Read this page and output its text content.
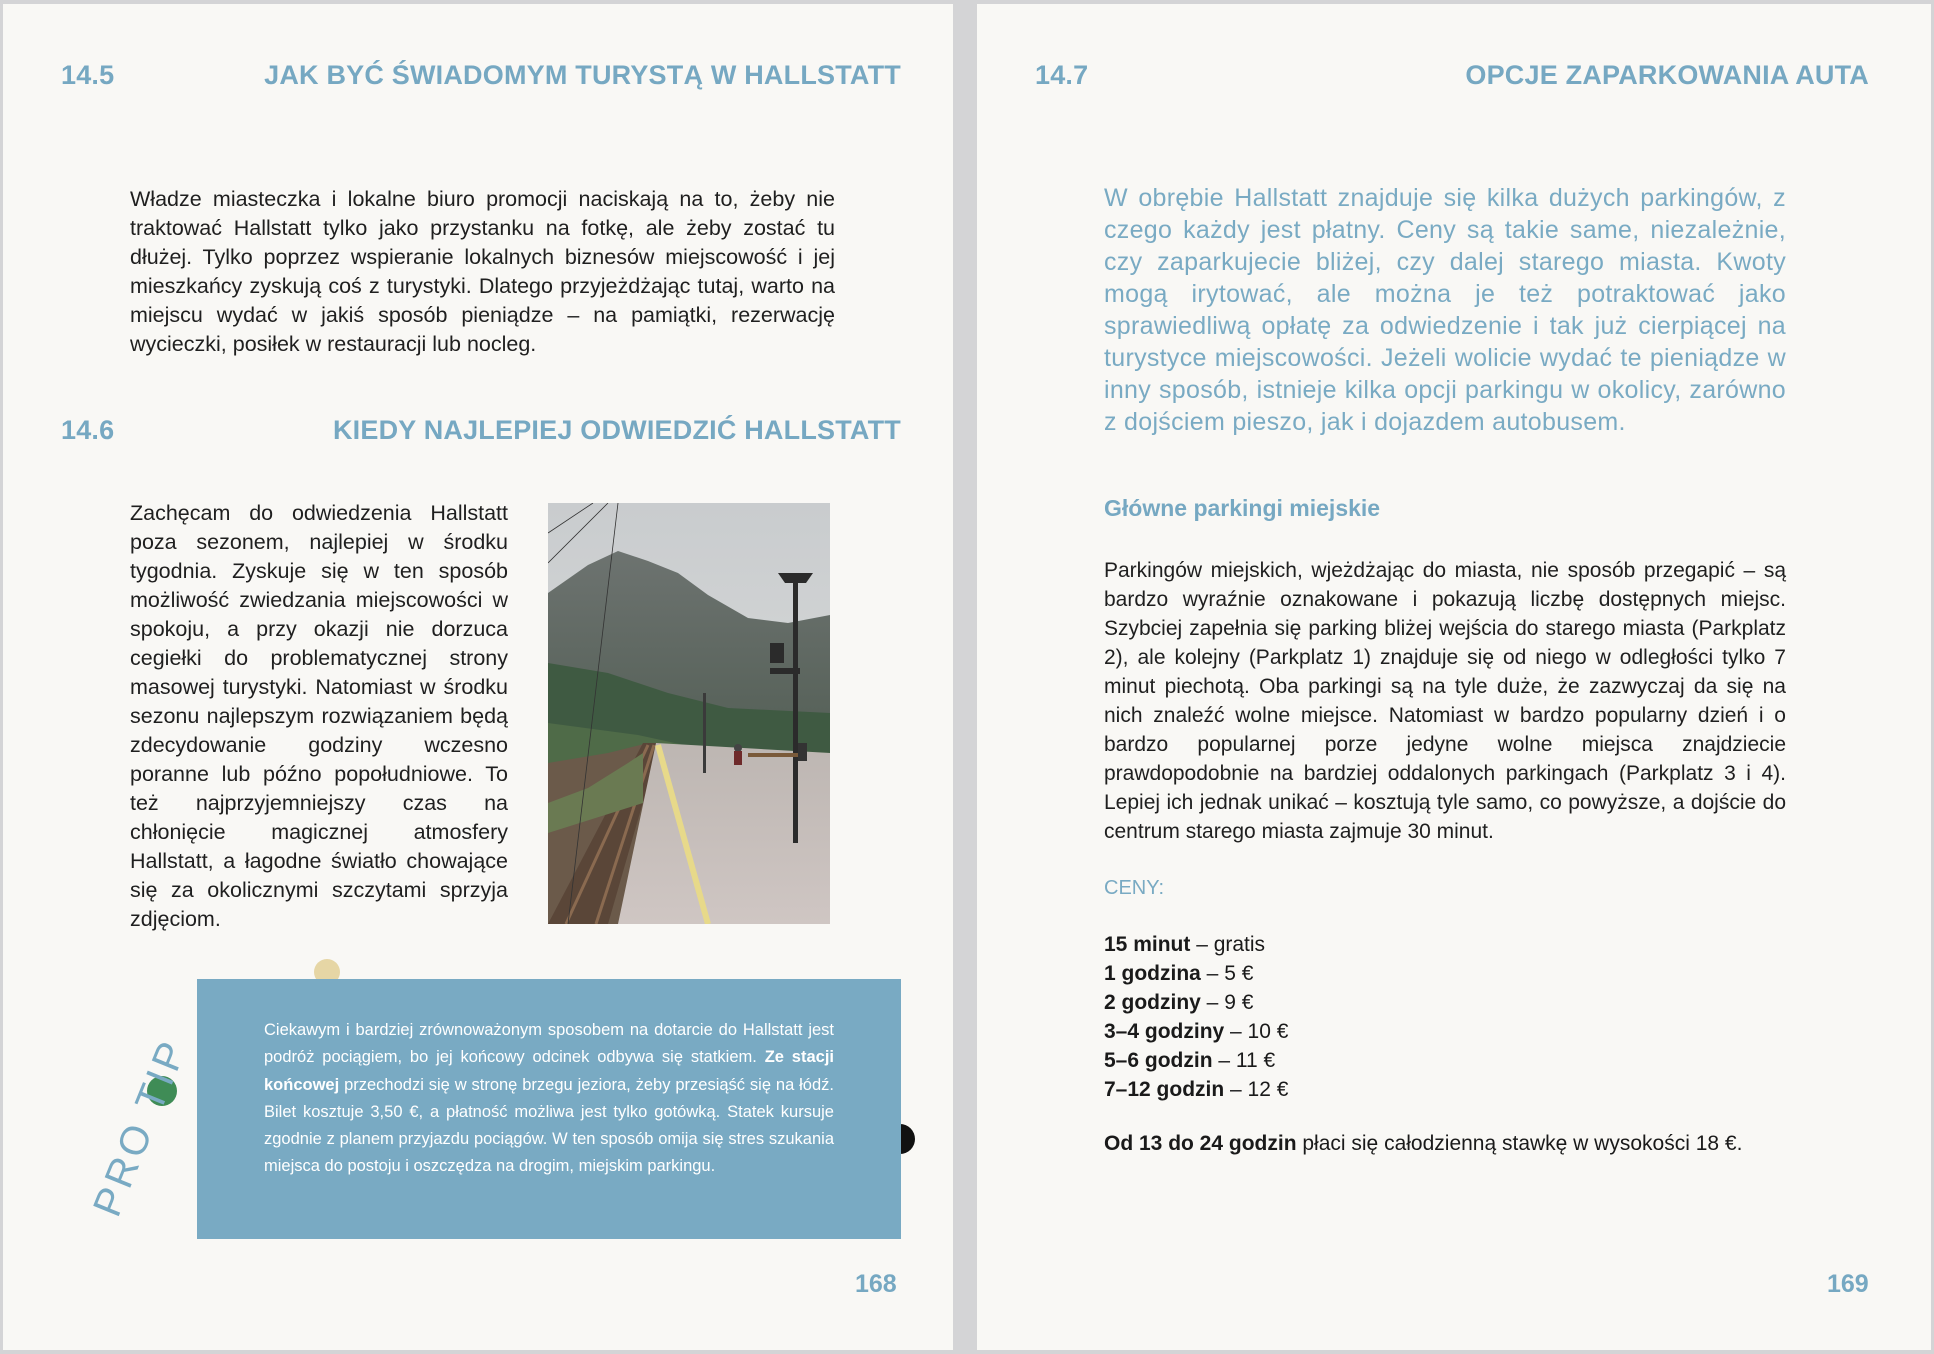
14.5	JAK BYĆ ŚWIADOMYM TURYSTĄ W HALLSTATT

Władze miasteczka i lokalne biuro promocji naciskają na to, żeby nie traktować Hallstatt tylko jako przystanku na fotkę, ale żeby zostać tu dłużej. Tylko poprzez wspieranie lokalnych biznesów miejscowość i jej mieszkańcy zyskują coś z turystyki. Dlatego przyjeżdżając tutaj, warto na miejscu wydać w jakiś sposób pieniądze – na pamiątki, rezerwację wycieczki, posiłek w restauracji lub nocleg.

14.6	KIEDY NAJLEPIEJ ODWIEDZIĆ HALLSTATT

Zachęcam do odwiedzenia Hallstatt poza sezonem, najlepiej w środku tygodnia. Zyskuje się w ten sposób możliwość zwiedzania miejscowości w spokoju, a przy okazji nie dorzuca cegiełki do problematycznej strony masowej turystyki. Natomiast w środku sezonu najlepszym rozwiązaniem będą zdecydowanie godziny wczesno poranne lub późno popołudniowe. To też najprzyjemniejszy czas na chłonięcie magicznej atmosfery Hallstatt, a łagodne światło chowające się za okolicznymi szczytami sprzyja zdjęciom.

PRO TIP

Ciekawym i bardziej zrównoważonym sposobem na dotarcie do Hallstatt jest podróż pociągiem, bo jej końcowy odcinek odbywa się statkiem. Ze stacji końcowej przechodzi się w stronę brzegu jeziora, żeby przesiąść się na łódź. Bilet kosztuje 3,50 €, a płatność możliwa jest tylko gotówką. Statek kursuje zgodnie z planem przyjazdu pociągów. W ten sposób omija się stres szukania miejsca do postoju i oszczędza na drogim, miejskim parkingu.

168
14.7	OPCJE ZAPARKOWANIA AUTA

W obrębie Hallstatt znajduje się kilka dużych parkingów, z czego każdy jest płatny. Ceny są takie same, niezależnie, czy zaparkujecie bliżej, czy dalej starego miasta. Kwoty mogą irytować, ale można je też potraktować jako sprawiedliwą opłatę za odwiedzenie i tak już cierpiącej na turystyce miejscowości. Jeżeli wolicie wydać te pieniądze w inny sposób, istnieje kilka opcji parkingu w okolicy, zarówno z dojściem pieszo, jak i dojazdem autobusem.

Główne parkingi miejskie

Parkingów miejskich, wjeżdżając do miasta, nie sposób przegapić – są bardzo wyraźnie oznakowane i pokazują liczbę dostępnych miejsc. Szybciej zapełnia się parking bliżej wejścia do starego miasta (Parkplatz 2), ale kolejny (Parkplatz 1) znajduje się od niego w odległości tylko 7 minut piechotą. Oba parkingi są na tyle duże, że zazwyczaj da się na nich znaleźć wolne miejsce. Natomiast w bardzo popularny dzień i o bardzo popularnej porze jedyne wolne miejsca znajdziecie prawdopodobnie na bardziej oddalonych parkingach (Parkplatz 3 i 4). Lepiej ich jednak unikać – kosztują tyle samo, co powyższe, a dojście do centrum starego miasta zajmuje 30 minut.

CENY:
15 minut – gratis
1 godzina – 5 €
2 godziny – 9 €
3–4 godziny – 10 €
5–6 godzin – 11 €
7–12 godzin – 12 €
Od 13 do 24 godzin płaci się całodzienną stawkę w wysokości 18 €.
169
